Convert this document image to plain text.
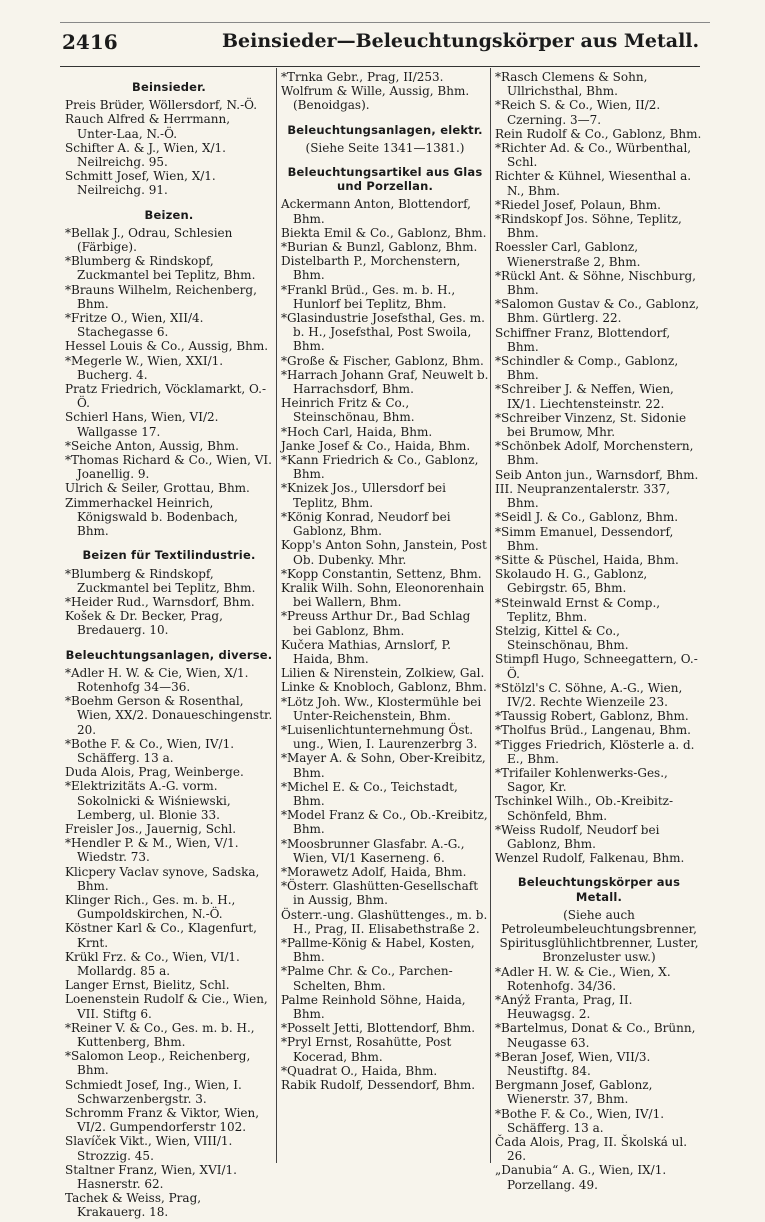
2416	Beinsieder—Beleuchtungskörper aus Metall.
Beinsieder.
Preis Brüder, Wöllersdorf, N.-Ö.
Rauch Alfred & Herrmann, Unter-Laa, N.-Ö.
Schifter A. & J., Wien, X/1. Neilreichg. 95.
Schmitt Josef, Wien, X/1. Neilreichg. 91.
Beizen.
*Bellak J., Odrau, Schlesien (Färbige).
*Blumberg & Rindskopf, Zuckmantel bei Teplitz, Bhm.
*Brauns Wilhelm, Reichenberg, Bhm.
*Fritze O., Wien, XII/4. Stachegasse 6.
Hessel Louis & Co., Aussig, Bhm.
*Megerle W., Wien, XXI/1. Bucherg. 4.
Pratz Friedrich, Vöcklamarkt, O.-Ö.
Schierl Hans, Wien, VI/2. Wallgasse 17.
*Seiche Anton, Aussig, Bhm.
*Thomas Richard & Co., Wien, VI. Joanellig. 9.
Ulrich & Seiler, Grottau, Bhm.
Zimmerhackel Heinrich, Königswald b. Bodenbach, Bhm.
Beizen für Textilindustrie.
*Blumberg & Rindskopf, Zuckmantel bei Teplitz, Bhm.
*Heider Rud., Warnsdorf, Bhm.
Košek & Dr. Becker, Prag, Bredauerg. 10.
Beleuchtungsanlagen, diverse.
*Adler H. W. & Cie, Wien, X/1. Rotenhofg 34—36.
*Boehm Gerson & Rosenthal, Wien, XX/2. Donaueschingenstr. 20.
*Bothe F. & Co., Wien, IV/1. Schäfferg. 13 a.
Duda Alois, Prag, Weinberge.
*Elektrizitäts A.-G. vorm. Sokolnicki & Wiśniewski, Lemberg, ul. Blonie 33.
Freisler Jos., Jauernig, Schl.
*Hendler P. & M., Wien, V/1. Wiedstr. 73.
Klicpery Vaclav synove, Sadska, Bhm.
Klinger Rich., Ges. m. b. H., Gumpoldskirchen, N.-Ö.
Köstner Karl & Co., Klagenfurt, Krnt.
Krükl Frz. & Co., Wien, VI/1. Mollardg. 85 a.
Langer Ernst, Bielitz, Schl.
Loenenstein Rudolf & Cie., Wien, VII. Stiftg 6.
*Reiner V. & Co., Ges. m. b. H., Kuttenberg, Bhm.
*Salomon Leop., Reichenberg, Bhm.
Schmiedt Josef, Ing., Wien, I. Schwarzenbergstr. 3.
Schromm Franz & Viktor, Wien, VI/2. Gumpendorferstr 102.
Slavíček Vikt., Wien, VIII/1. Strozzig. 45.
Staltner Franz, Wien, XVI/1. Hasnerstr. 62.
Tachek & Weiss, Prag, Krakauerg. 18.
*Trnka Gebr., Prag, II/253.
Wolfrum & Wille, Aussig, Bhm. (Benoidgas).
Beleuchtungsanlagen, elektr.
(Siehe Seite 1341—1381.)
Beleuchtungsartikel aus Glas und Porzellan.
Ackermann Anton, Blottendorf, Bhm.
Biekta Emil & Co., Gablonz, Bhm.
*Burian & Bunzl, Gablonz, Bhm.
Distelbarth P., Morchenstern, Bhm.
*Frankl Brüd., Ges. m. b. H., Hunlorf bei Teplitz, Bhm.
*Glasindustrie Josefsthal, Ges. m. b. H., Josefsthal, Post Swoila, Bhm.
*Große & Fischer, Gablonz, Bhm.
*Harrach Johann Graf, Neuwelt b. Harrachsdorf, Bhm.
Heinrich Fritz & Co., Steinschönau, Bhm.
*Hoch Carl, Haida, Bhm.
Janke Josef & Co., Haida, Bhm.
*Kann Friedrich & Co., Gablonz, Bhm.
*Knizek Jos., Ullersdorf bei Teplitz, Bhm.
*König Konrad, Neudorf bei Gablonz, Bhm.
Kopp's Anton Sohn, Janstein, Post Ob. Dubenky. Mhr.
*Kopp Constantin, Settenz, Bhm.
Kralik Wilh. Sohn, Eleonorenhain bei Wallern, Bhm.
*Preuss Arthur Dr., Bad Schlag bei Gablonz, Bhm.
Kučera Mathias, Arnslorf, P. Haida, Bhm.
Lilien & Nirenstein, Zolkiew, Gal.
Linke & Knobloch, Gablonz, Bhm.
*Lötz Joh. Ww., Klostermühle bei Unter-Reichenstein, Bhm.
*Luisenlichtunternehmung Öst. ung., Wien, I. Laurenzerbrg 3.
*Mayer A. & Sohn, Ober-Kreibitz, Bhm.
*Michel E. & Co., Teichstadt, Bhm.
*Model Franz & Co., Ob.-Kreibitz, Bhm.
*Moosbrunner Glasfabr. A.-G., Wien, VI/1 Kaserneng. 6.
*Morawetz Adolf, Haida, Bhm.
*Österr. Glashütten-Gesellschaft in Aussig, Bhm.
Österr.-ung. Glashüttenges., m. b. H., Prag, II. Elisabethstraße 2.
*Pallme-König & Habel, Kosten, Bhm.
*Palme Chr. & Co., Parchen-Schelten, Bhm.
Palme Reinhold Söhne, Haida, Bhm.
*Posselt Jetti, Blottendorf, Bhm.
*Pryl Ernst, Rosahütte, Post Kocerad, Bhm.
*Quadrat O., Haida, Bhm.
Rabik Rudolf, Dessendorf, Bhm.
*Rasch Clemens & Sohn, Ullrichsthal, Bhm.
*Reich S. & Co., Wien, II/2. Czerning. 3—7.
Rein Rudolf & Co., Gablonz, Bhm.
*Richter Ad. & Co., Würbenthal, Schl.
Richter & Kühnel, Wiesenthal a. N., Bhm.
*Riedel Josef, Polaun, Bhm.
*Rindskopf Jos. Söhne, Teplitz, Bhm.
Roessler Carl, Gablonz, Wienerstraße 2, Bhm.
*Rückl Ant. & Söhne, Nischburg, Bhm.
*Salomon Gustav & Co., Gablonz, Bhm. Gürtlerg. 22.
Schiffner Franz, Blottendorf, Bhm.
*Schindler & Comp., Gablonz, Bhm.
*Schreiber J. & Neffen, Wien, IX/1. Liechtensteinstr. 22.
*Schreiber Vinzenz, St. Sidonie bei Brumow, Mhr.
*Schönbek Adolf, Morchenstern, Bhm.
Seib Anton jun., Warnsdorf, Bhm.
III. Neupranzentalerstr. 337, Bhm.
*Seidl J. & Co., Gablonz, Bhm.
*Simm Emanuel, Dessendorf, Bhm.
*Sitte & Püschel, Haida, Bhm.
Skolaudo H. G., Gablonz, Gebirgstr. 65, Bhm.
*Steinwald Ernst & Comp., Teplitz, Bhm.
Stelzig, Kittel & Co., Steinschönau, Bhm.
Stimpfl Hugo, Schneegattern, O.-Ö.
*Stölzl's C. Söhne, A.-G., Wien, IV/2. Rechte Wienzeile 23.
*Taussig Robert, Gablonz, Bhm.
*Tholfus Brüd., Langenau, Bhm.
*Tigges Friedrich, Klösterle a. d. E., Bhm.
*Trifailer Kohlenwerks-Ges., Sagor, Kr.
Tschinkel Wilh., Ob.-Kreibitz-Schönfeld, Bhm.
*Weiss Rudolf, Neudorf bei Gablonz, Bhm.
Wenzel Rudolf, Falkenau, Bhm.
Beleuchtungskörper aus Metall.
(Siehe auch Petroleumbeleuchtungsbrenner, Spiritusglühlichtbrenner, Luster, Bronzeluster usw.)
*Adler H. W. & Cie., Wien, X. Rotenhofg. 34/36.
*Anýž Franta, Prag, II. Heuwagsg. 2.
*Bartelmus, Donat & Co., Brünn, Neugasse 63.
*Beran Josef, Wien, VII/3. Neustiftg. 84.
Bergmann Josef, Gablonz, Wienerstr. 37, Bhm.
*Bothe F. & Co., Wien, IV/1. Schäfferg. 13 a.
Čada Alois, Prag, II. Školská ul. 26.
„Danubia“ A. G., Wien, IX/1. Porzellang. 49.
